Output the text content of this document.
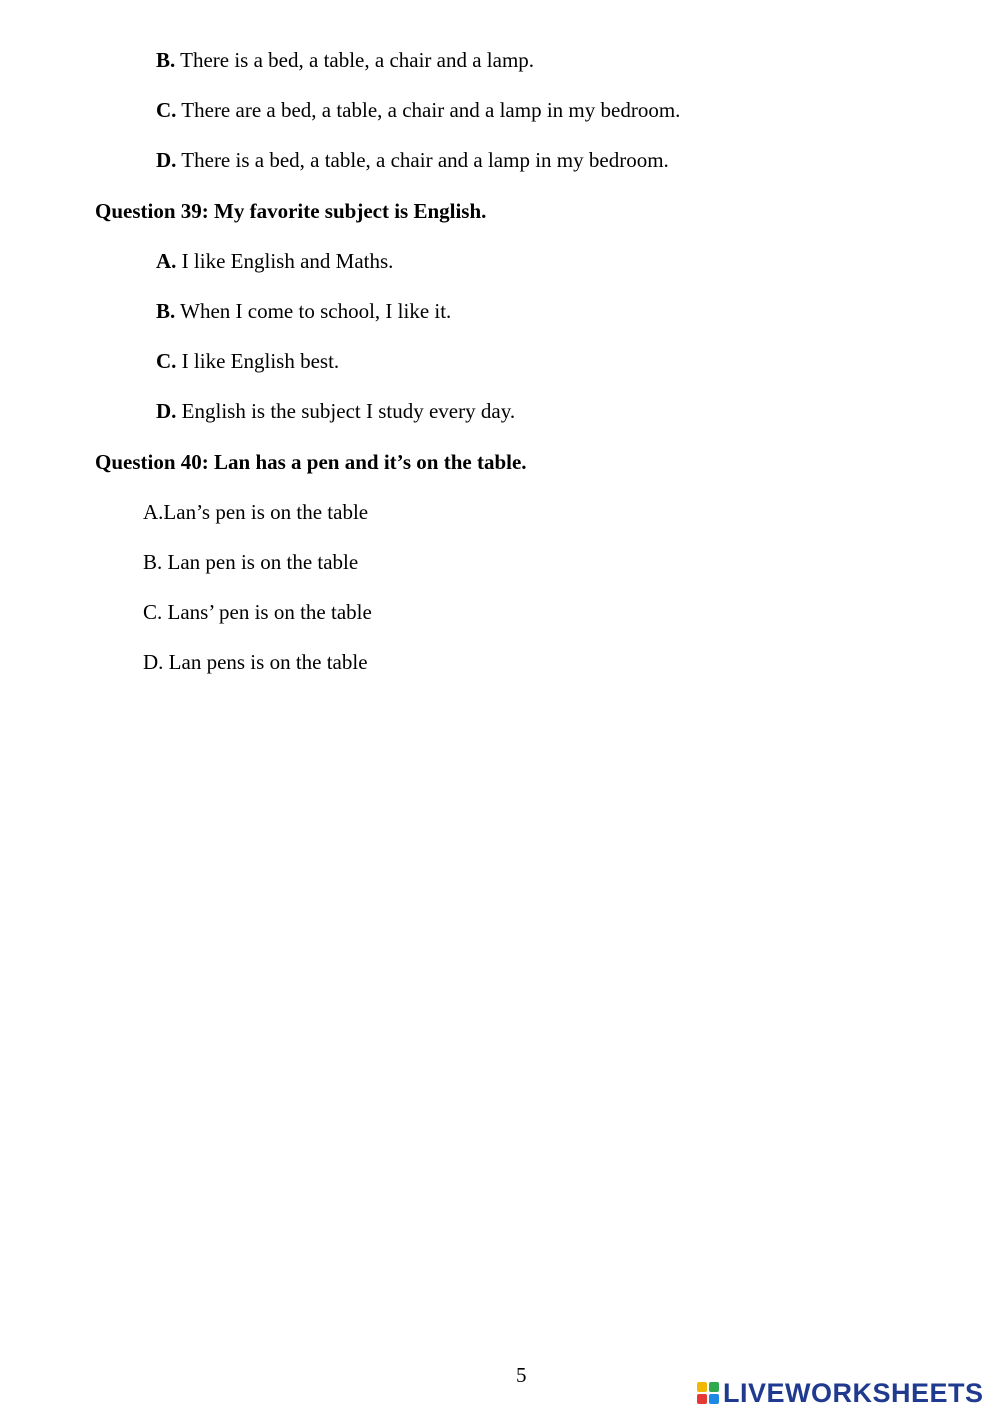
B. There is a bed, a table, a chair and a lamp.
C. There are a bed, a table, a chair and a lamp in my bedroom.
D. There is a bed, a table, a chair and a lamp in my bedroom.
Question 39: My favorite subject is English.
A. I like English and Maths.
B. When I come to school, I like it.
C. I like English best.
D. English is the subject I study every day.
Question 40: Lan has a pen and it’s on the table.
A.Lan’s pen is on the table
B. Lan pen is on the table
C. Lans’ pen is on the table
D. Lan pens is on the table
5
LIVEWORKSHEETS
